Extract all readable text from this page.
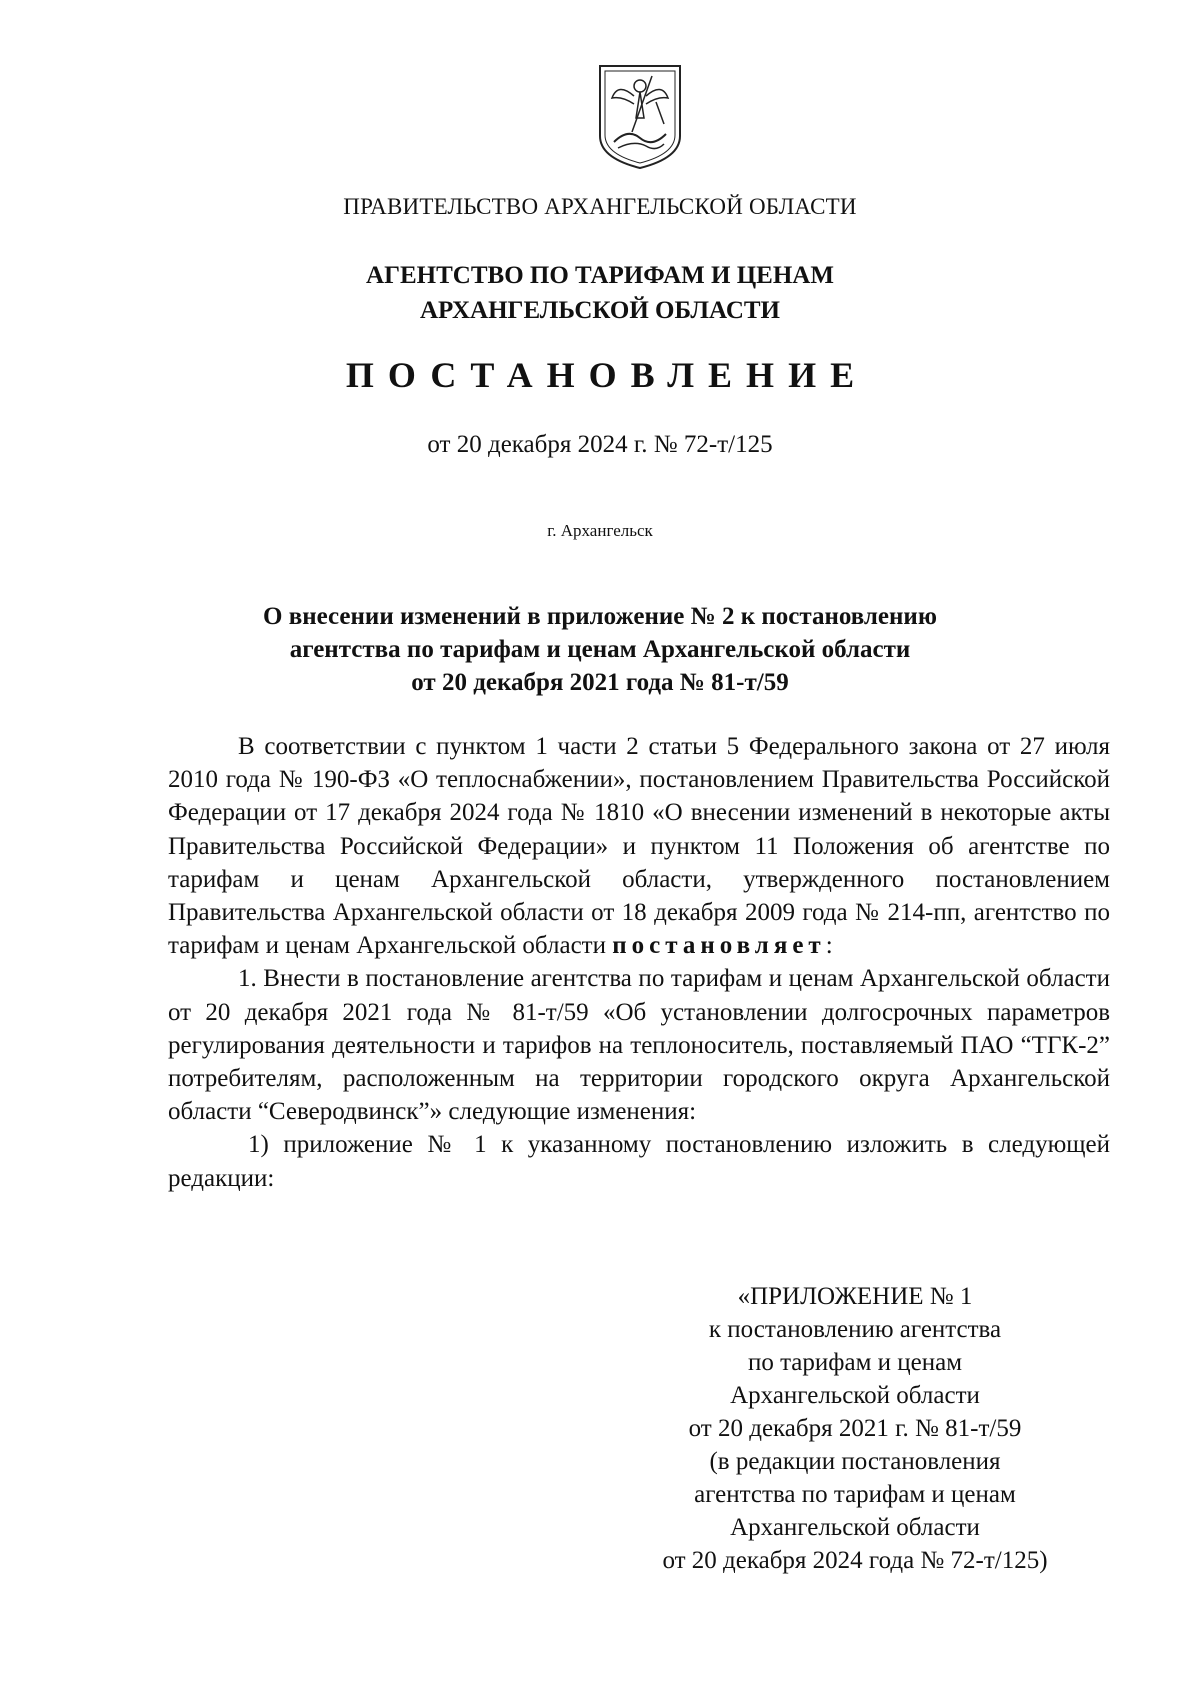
ПРАВИТЕЛЬСТВО АРХАНГЕЛЬСКОЙ ОБЛАСТИ
АГЕНТСТВО ПО ТАРИФАМ И ЦЕНАМ
АРХАНГЕЛЬСКОЙ ОБЛАСТИ
ПОСТАНОВЛЕНИЕ
от 20 декабря 2024 г. № 72-т/125
г. Архангельск
О внесении изменений в приложение № 2 к постановлению
агентства по тарифам и ценам Архангельской области
от 20 декабря 2021 года № 81-т/59

В соответствии с пунктом 1 части 2 статьи 5 Федерального закона от 27 июля 2010 года № 190-ФЗ «О теплоснабжении», постановлением Правительства Российской Федерации от 17 декабря 2024 года № 1810 «О внесении изменений в некоторые акты Правительства Российской Федерации» и пунктом 11 Положения об агентстве по тарифам и ценам Архангельской области, утвержденного постановлением Правительства Архангельской области от 18 декабря 2009 года № 214-пп, агентство по тарифам и ценам Архангельской области постановляет:

1. Внести в постановление агентства по тарифам и ценам Архангельской области от 20 декабря 2021 года № 81-т/59 «Об установлении долгосрочных параметров регулирования деятельности и тарифов на теплоноситель, поставляемый ПАО “ТГК-2” потребителям, расположенным на территории городского округа Архангельской области “Северодвинск”» следующие изменения:

1) приложение № 1 к указанному постановлению изложить в следующей редакции:

«ПРИЛОЖЕНИЕ № 1
к постановлению агентства
по тарифам и ценам
Архангельской области
от 20 декабря 2021 г. № 81-т/59
(в редакции постановления
агентства по тарифам и ценам
Архангельской области
от 20 декабря 2024 года № 72-т/125)
